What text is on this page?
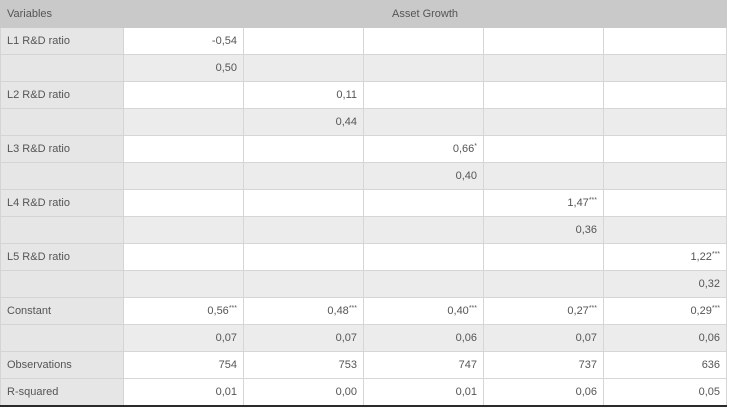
Variables	Asset Growth				
L1 R&D ratio	-0,54				
	0,50				
L2 R&D ratio		0,11			
		0,44			
L3 R&D ratio			0,66*		
			0,40		
L4 R&D ratio				1,47***	
				0,36	
L5 R&D ratio					1,22***
					0,32
Constant	0,56***	0,48***	0,40***	0,27***	0,29***
	0,07	0,07	0,06	0,07	0,06
Observations	754	753	747	737	636
R-squared	0,01	0,00	0,01	0,06	0,05
